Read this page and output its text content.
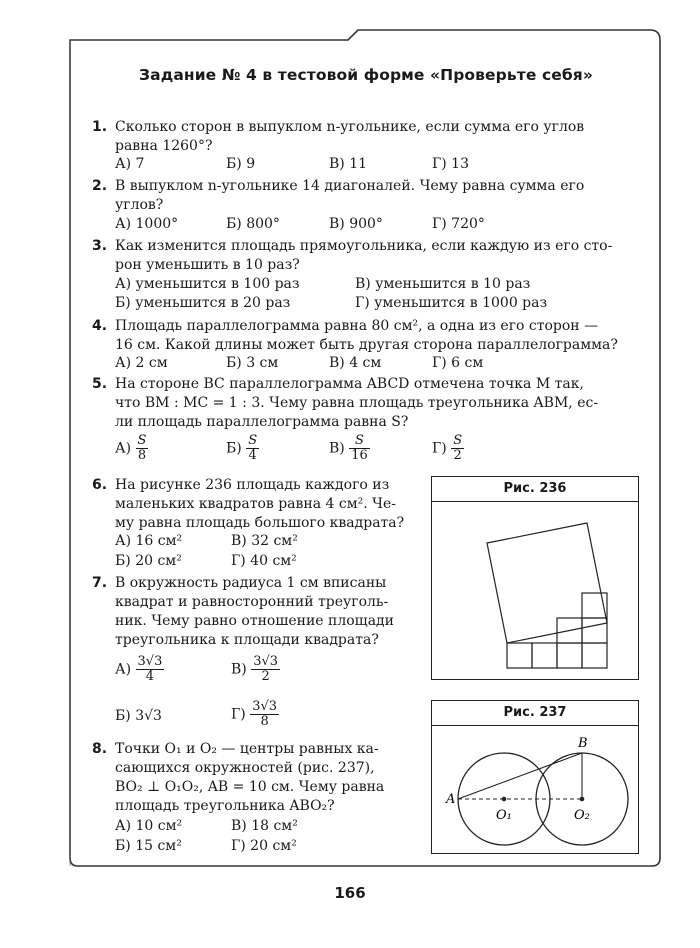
Задание № 4 в тестовой форме «Проверьте себя»
1. Сколько сторон в выпуклом n-угольнике, если сумма его углов
равна 1260°?
А) 7	Б) 9	В) 11	Г) 13
2. В выпуклом n-угольнике 14 диагоналей. Чему равна сумма его
углов?
А) 1000°	Б) 800°	В) 900°	Г) 720°
3. Как изменится площадь прямоугольника, если каждую из его сто-
рон уменьшить в 10 раз?
А) уменьшится в 100 раз	В) уменьшится в 10 раз
Б) уменьшится в 20 раз	Г) уменьшится в 1000 раз
4. Площадь параллелограмма равна 80 см², а одна из его сторон —
16 см. Какой длины может быть другая сторона параллелограмма?
А) 2 см	Б) 3 см	В) 4 см	Г) 6 см
5. На стороне BC параллелограмма ABCD отмечена точка M так,
что BM : MC = 1 : 3. Чему равна площадь треугольника ABM, ес-
ли площадь параллелограмма равна S?
$А) \frac{S}{8}$	$Б) \frac{S}{4}$	$В) \frac{S}{16}$	$Г) \frac{S}{2}$
6. На рисунке 236 площадь каждого из
маленьких квадратов равна 4 см². Че-
му равна площадь большого квадрата?
А) 16 см²	В) 32 см²
Б) 20 см²	Г) 40 см²
7. В окружность радиуса 1 см вписаны
квадрат и равносторонний треуголь-
ник. Чему равно отношение площади
треугольника к площади квадрата?
$А) \frac{3√3}{4}$	$В) \frac{3√3}{2}$
Б) 3√3	$Г) \frac{3√3}{8}$
8. Точки O₁ и O₂ — центры равных ка-
сающихся окружностей (рис. 237),
BO₂ ⊥ O₁O₂, AB = 10 см. Чему равна
площадь треугольника ABO₂?
А) 10 см²	В) 18 см²
Б) 15 см²	Г) 20 см²
Рис. 236
Рис. 237
A
B
O₁	O₂
166
